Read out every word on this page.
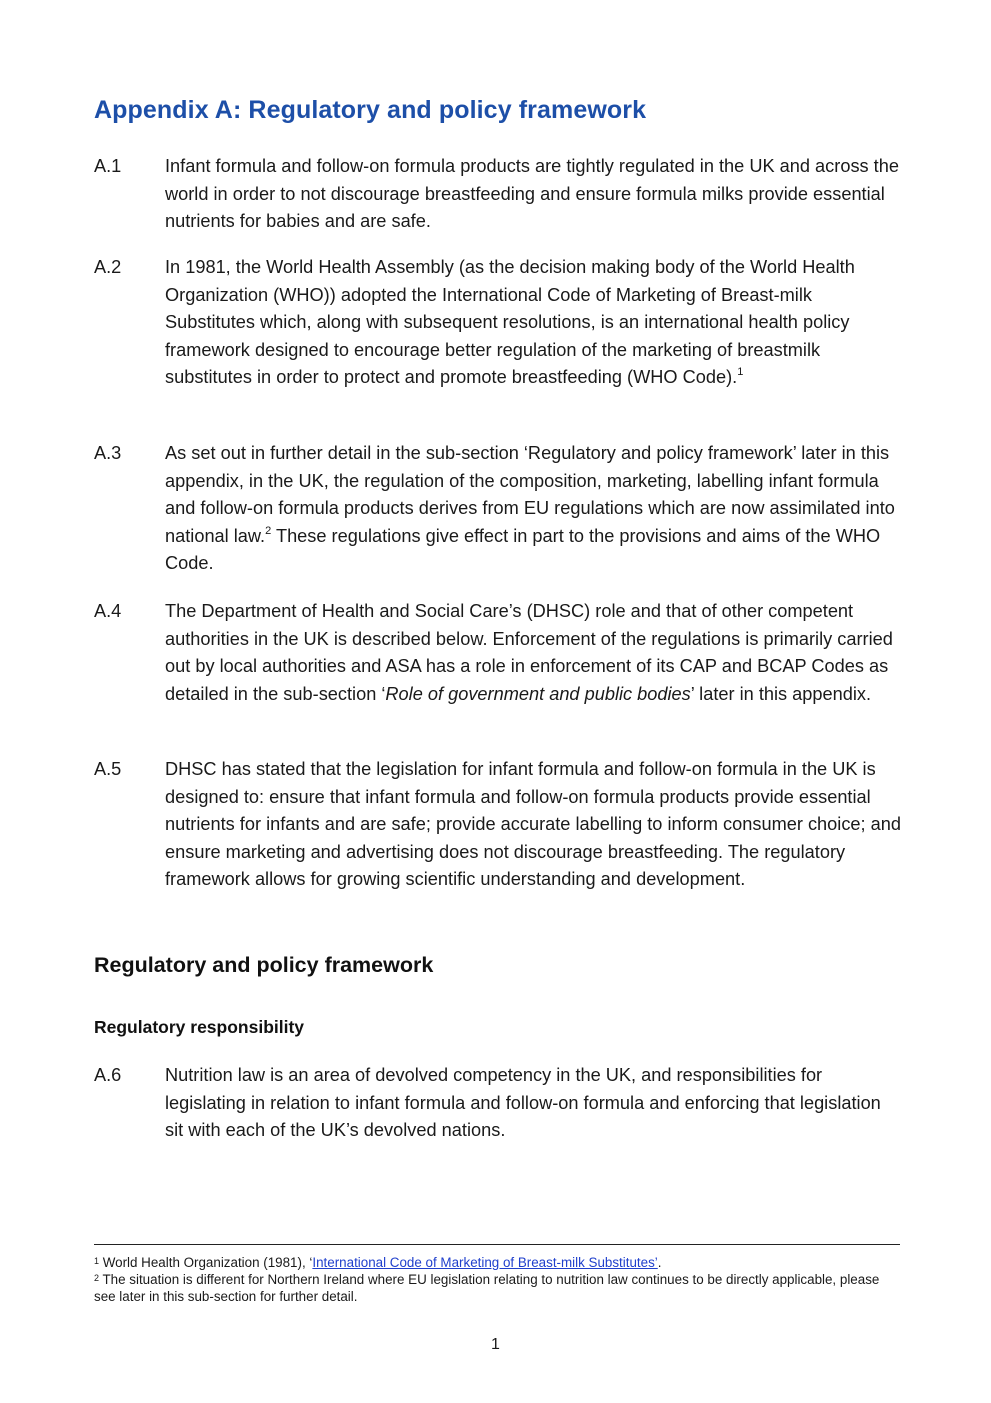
Appendix A: Regulatory and policy framework
A.1	Infant formula and follow-on formula products are tightly regulated in the UK and across the world in order to not discourage breastfeeding and ensure formula milks provide essential nutrients for babies and are safe.
A.2	In 1981, the World Health Assembly (as the decision making body of the World Health Organization (WHO)) adopted the International Code of Marketing of Breast-milk Substitutes which, along with subsequent resolutions, is an international health policy framework designed to encourage better regulation of the marketing of breastmilk substitutes in order to protect and promote breastfeeding (WHO Code).$^1$
A.3	As set out in further detail in the sub-section ‘Regulatory and policy framework’ later in this appendix, in the UK, the regulation of the composition, marketing, labelling infant formula and follow-on formula products derives from EU regulations which are now assimilated into national law.$^2$ These regulations give effect in part to the provisions and aims of the WHO Code.
A.4	The Department of Health and Social Care’s (DHSC) role and that of other competent authorities in the UK is described below. Enforcement of the regulations is primarily carried out by local authorities and ASA has a role in enforcement of its CAP and BCAP Codes as detailed in the sub-section ‘Role of government and public bodies’ later in this appendix.
A.5	DHSC has stated that the legislation for infant formula and follow-on formula in the UK is designed to: ensure that infant formula and follow-on formula products provide essential nutrients for infants and are safe; provide accurate labelling to inform consumer choice; and ensure marketing and advertising does not discourage breastfeeding. The regulatory framework allows for growing scientific understanding and development.
Regulatory and policy framework
Regulatory responsibility
A.6	Nutrition law is an area of devolved competency in the UK, and responsibilities for legislating in relation to infant formula and follow-on formula and enforcing that legislation sit with each of the UK’s devolved nations.
$^1$ World Health Organization (1981), ‘International Code of Marketing of Breast-milk Substitutes’.
$^2$ The situation is different for Northern Ireland where EU legislation relating to nutrition law continues to be directly applicable, please see later in this sub-section for further detail.
1
